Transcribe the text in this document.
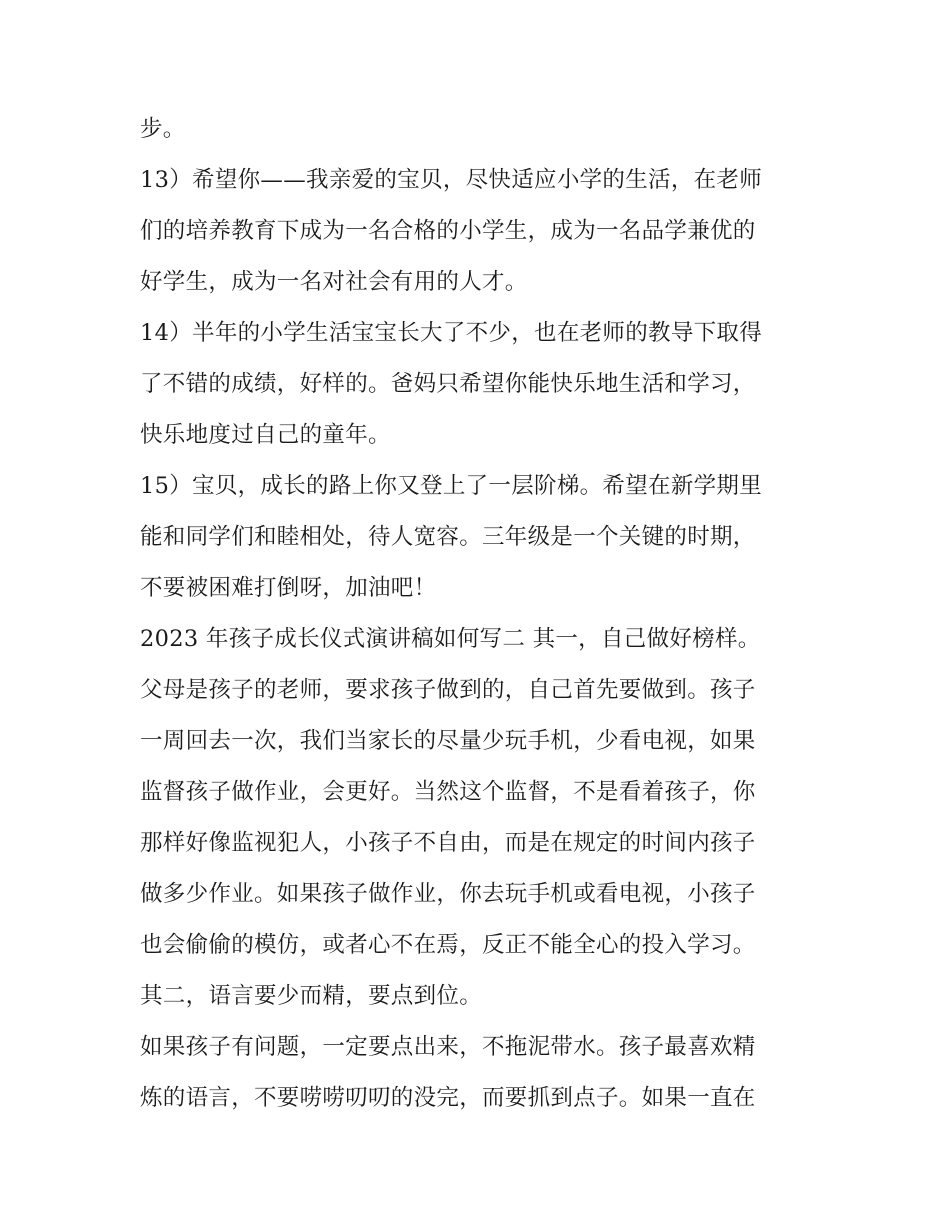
步。
13）希望你——我亲爱的宝贝，尽快适应小学的生活，在老师
们的培养教育下成为一名合格的小学生，成为一名品学兼优的
好学生，成为一名对社会有用的人才。
14）半年的小学生活宝宝长大了不少，也在老师的教导下取得
了不错的成绩，好样的。爸妈只希望你能快乐地生活和学习，
快乐地度过自己的童年。
15）宝贝，成长的路上你又登上了一层阶梯。希望在新学期里
能和同学们和睦相处，待人宽容。三年级是一个关键的时期，
不要被困难打倒呀，加油吧！
2023 年孩子成长仪式演讲稿如何写二 其一，自己做好榜样。
父母是孩子的老师，要求孩子做到的，自己首先要做到。孩子
一周回去一次，我们当家长的尽量少玩手机，少看电视，如果
监督孩子做作业，会更好。当然这个监督，不是看着孩子，你
那样好像监视犯人，小孩子不自由，而是在规定的时间内孩子
做多少作业。如果孩子做作业，你去玩手机或看电视，小孩子
也会偷偷的模仿，或者心不在焉，反正不能全心的投入学习。
其二，语言要少而精，要点到位。
如果孩子有问题，一定要点出来，不拖泥带水。孩子最喜欢精
炼的语言，不要唠唠叨叨的没完，而要抓到点子。如果一直在
